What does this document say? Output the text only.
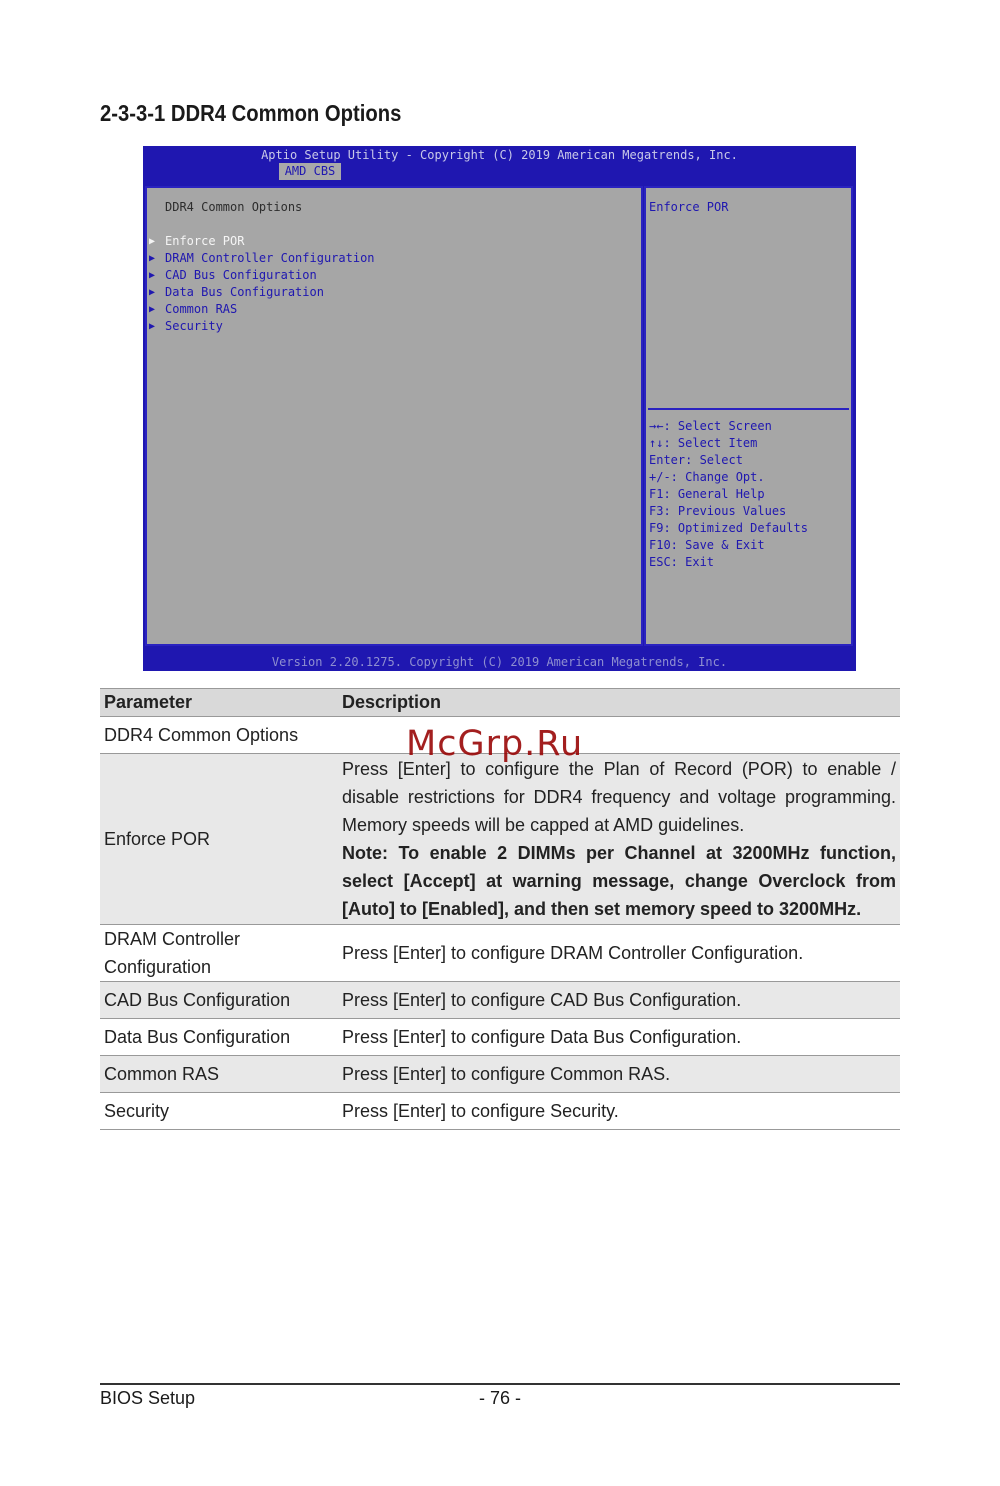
2-3-3-1 DDR4 Common Options
Aptio Setup Utility - Copyright (C) 2019 American Megatrends, Inc.
AMD CBS
DDR4 Common Options
▶ Enforce POR
▶ DRAM Controller Configuration
▶ CAD Bus Configuration
▶ Data Bus Configuration
▶ Common RAS
▶ Security
Enforce POR
→←: Select Screen
↑↓: Select Item
Enter: Select
+/-: Change Opt.
F1: General Help
F3: Previous Values
F9: Optimized Defaults
F10: Save & Exit
ESC: Exit
Version 2.20.1275. Copyright (C) 2019 American Megatrends, Inc.
Parameter	Description
DDR4 Common Options	
Enforce POR	Press [Enter] to configure the Plan of Record (POR) to enable / disable restrictions for DDR4 frequency and voltage programming. Memory speeds will be capped at AMD guidelines.
Note: To enable 2 DIMMs per Channel at 3200MHz function, select [Accept] at warning message, change Overclock from [Auto] to [Enabled], and then set memory speed to 3200MHz.

DRAM Controller Configuration	Press [Enter] to configure DRAM Controller Configuration.
CAD Bus Configuration	Press [Enter] to configure CAD Bus Configuration.
Data Bus Configuration	Press [Enter] to configure Data Bus Configuration.
Common RAS	Press [Enter] to configure Common RAS.
Security	Press [Enter] to configure Security.
McGrp.Ru
BIOS Setup	- 76 -
